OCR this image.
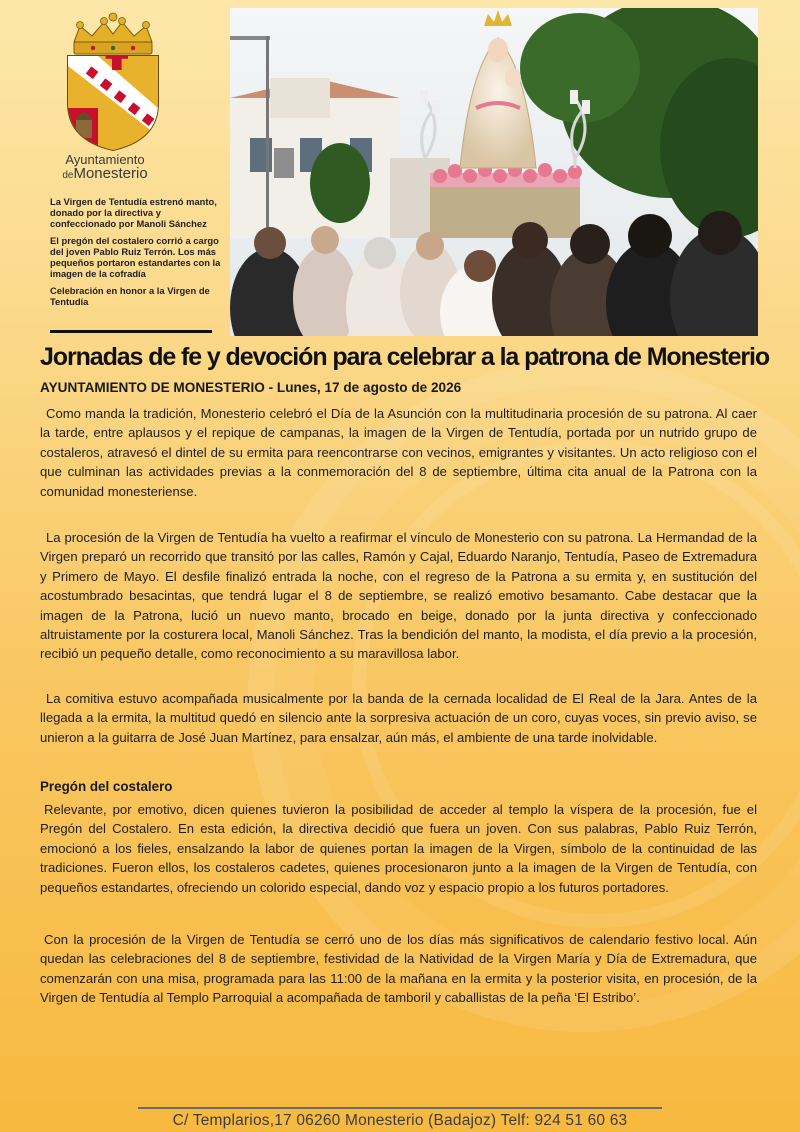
Ayuntamiento
deMonesterio

La Virgen de Tentudía estrenó manto, donado por la directiva y confeccionado por Manoli Sánchez

El pregón del costalero corrió a cargo del joven Pablo Ruiz Terrón. Los más pequeños portaron estandartes con la imagen de la cofradía

Celebración en honor a la Virgen de Tentudía

Jornadas de fe y devoción para celebrar a la patrona de Monesterio
AYUNTAMIENTO DE MONESTERIO - Lunes, 17 de agosto de 2026

Como manda la tradición, Monesterio celebró el Día de la Asunción con la multitudinaria procesión de su patrona. Al caer la tarde, entre aplausos y el repique de campanas, la imagen de la Virgen de Tentudía, portada por un nutrido grupo de costaleros, atravesó el dintel de su ermita para reencontrarse con vecinos, emigrantes y visitantes. Un acto religioso con el que culminan las actividades previas a la conmemoración del 8 de septiembre, última cita anual de la Patrona con la comunidad monesteriense.

La procesión de la Virgen de Tentudía ha vuelto a reafirmar el vínculo de Monesterio con su patrona. La Hermandad de la Virgen preparó un recorrido que transitó por las calles, Ramón y Cajal, Eduardo Naranjo, Tentudía, Paseo de Extremadura y Primero de Mayo. El desfile finalizó entrada la noche, con el regreso de la Patrona a su ermita y, en sustitución del acostumbrado besacintas, que tendrá lugar el 8 de septiembre, se realizó emotivo besamanto. Cabe destacar que la imagen de la Patrona, lució un nuevo manto, brocado en beige, donado por la junta directiva y confeccionado altruistamente por la costurera local, Manoli Sánchez. Tras la bendición del manto, la modista, el día previo a la procesión, recibió un pequeño detalle, como reconocimiento a su maravillosa labor.

La comitiva estuvo acompañada musicalmente por la banda de la cernada localidad de El Real de la Jara. Antes de la llegada a la ermita, la multitud quedó en silencio ante la sorpresiva actuación de un coro, cuyas voces, sin previo aviso, se unieron a la guitarra de José Juan Martínez, para ensalzar, aún más, el ambiente de una tarde inolvidable.

Pregón del costalero

Relevante, por emotivo, dicen quienes tuvieron la posibilidad de acceder al templo la víspera de la procesión, fue el Pregón del Costalero. En esta edición, la directiva decidió que fuera un joven. Con sus palabras, Pablo Ruiz Terrón, emocionó a los fieles, ensalzando la labor de quienes portan la imagen de la Virgen, símbolo de la continuidad de las tradiciones. Fueron ellos, los costaleros cadetes, quienes procesionaron junto a la imagen de la Virgen de Tentudía, con pequeños estandartes, ofreciendo un colorido especial, dando voz y espacio propio a los futuros portadores.

Con la procesión de la Virgen de Tentudía se cerró uno de los días más significativos de calendario festivo local. Aún quedan las celebraciones del 8 de septiembre, festividad de la Natividad de la Virgen María y Día de Extremadura, que comenzarán con una misa, programada para las 11:00 de la mañana en la ermita y la posterior visita, en procesión, de la Virgen de Tentudía al Templo Parroquial a acompañada de tamboril y caballistas de la peña ‘El Estribo’.

C/ Templarios,17 06260 Monesterio (Badajoz) Telf: 924 51 60 63
